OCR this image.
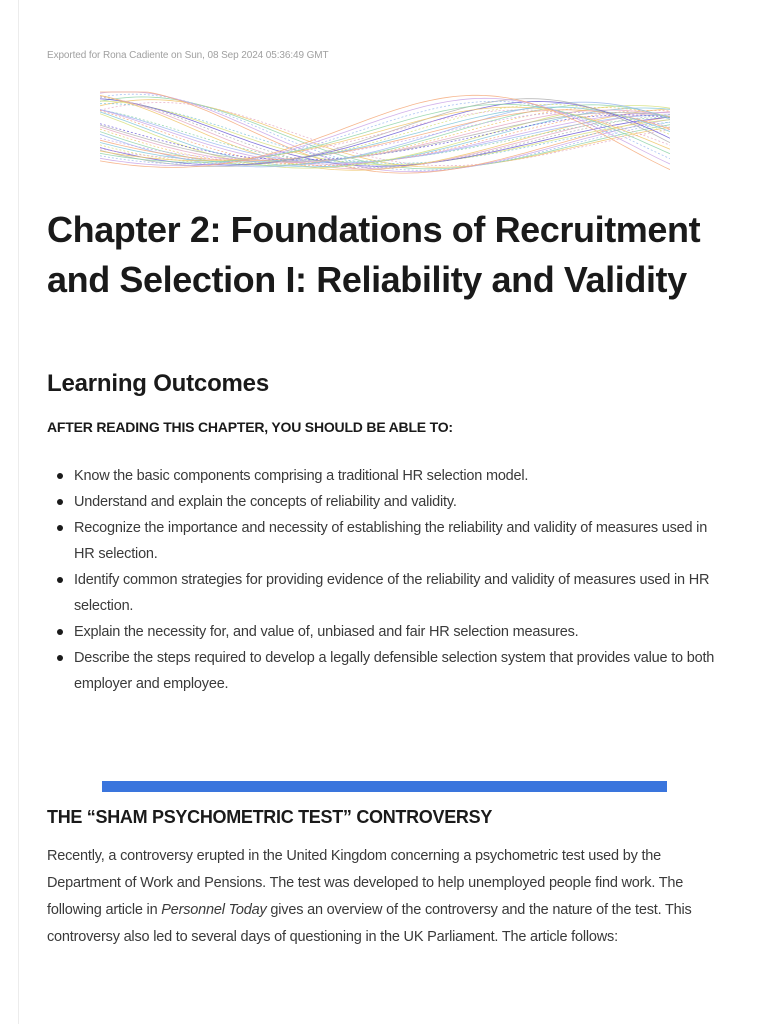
Exported for Rona Cadiente on Sun, 08 Sep 2024 05:36:49 GMT
Chapter 2: Foundations of Recruitment
and Selection I: Reliability and Validity
Learning Outcomes

AFTER READING THIS CHAPTER, YOU SHOULD BE ABLE TO:

Know the basic components comprising a traditional HR selection model.
Understand and explain the concepts of reliability and validity.
Recognize the importance and necessity of establishing the reliability and validity of measures used in HR selection.
Identify common strategies for providing evidence of the reliability and validity of measures used in HR selection.
Explain the necessity for, and value of, unbiased and fair HR selection measures.
Describe the steps required to develop a legally defensible selection system that provides value to both employer and employee.
THE “SHAM PSYCHOMETRIC TEST” CONTROVERSY

Recently, a controversy erupted in the United Kingdom concerning a psychometric test used by the Department of Work and Pensions. The test was developed to help unemployed people find work. The following article in Personnel Today gives an overview of the controversy and the nature of the test. This controversy also led to several days of questioning in the UK Parliament. The article follows:
